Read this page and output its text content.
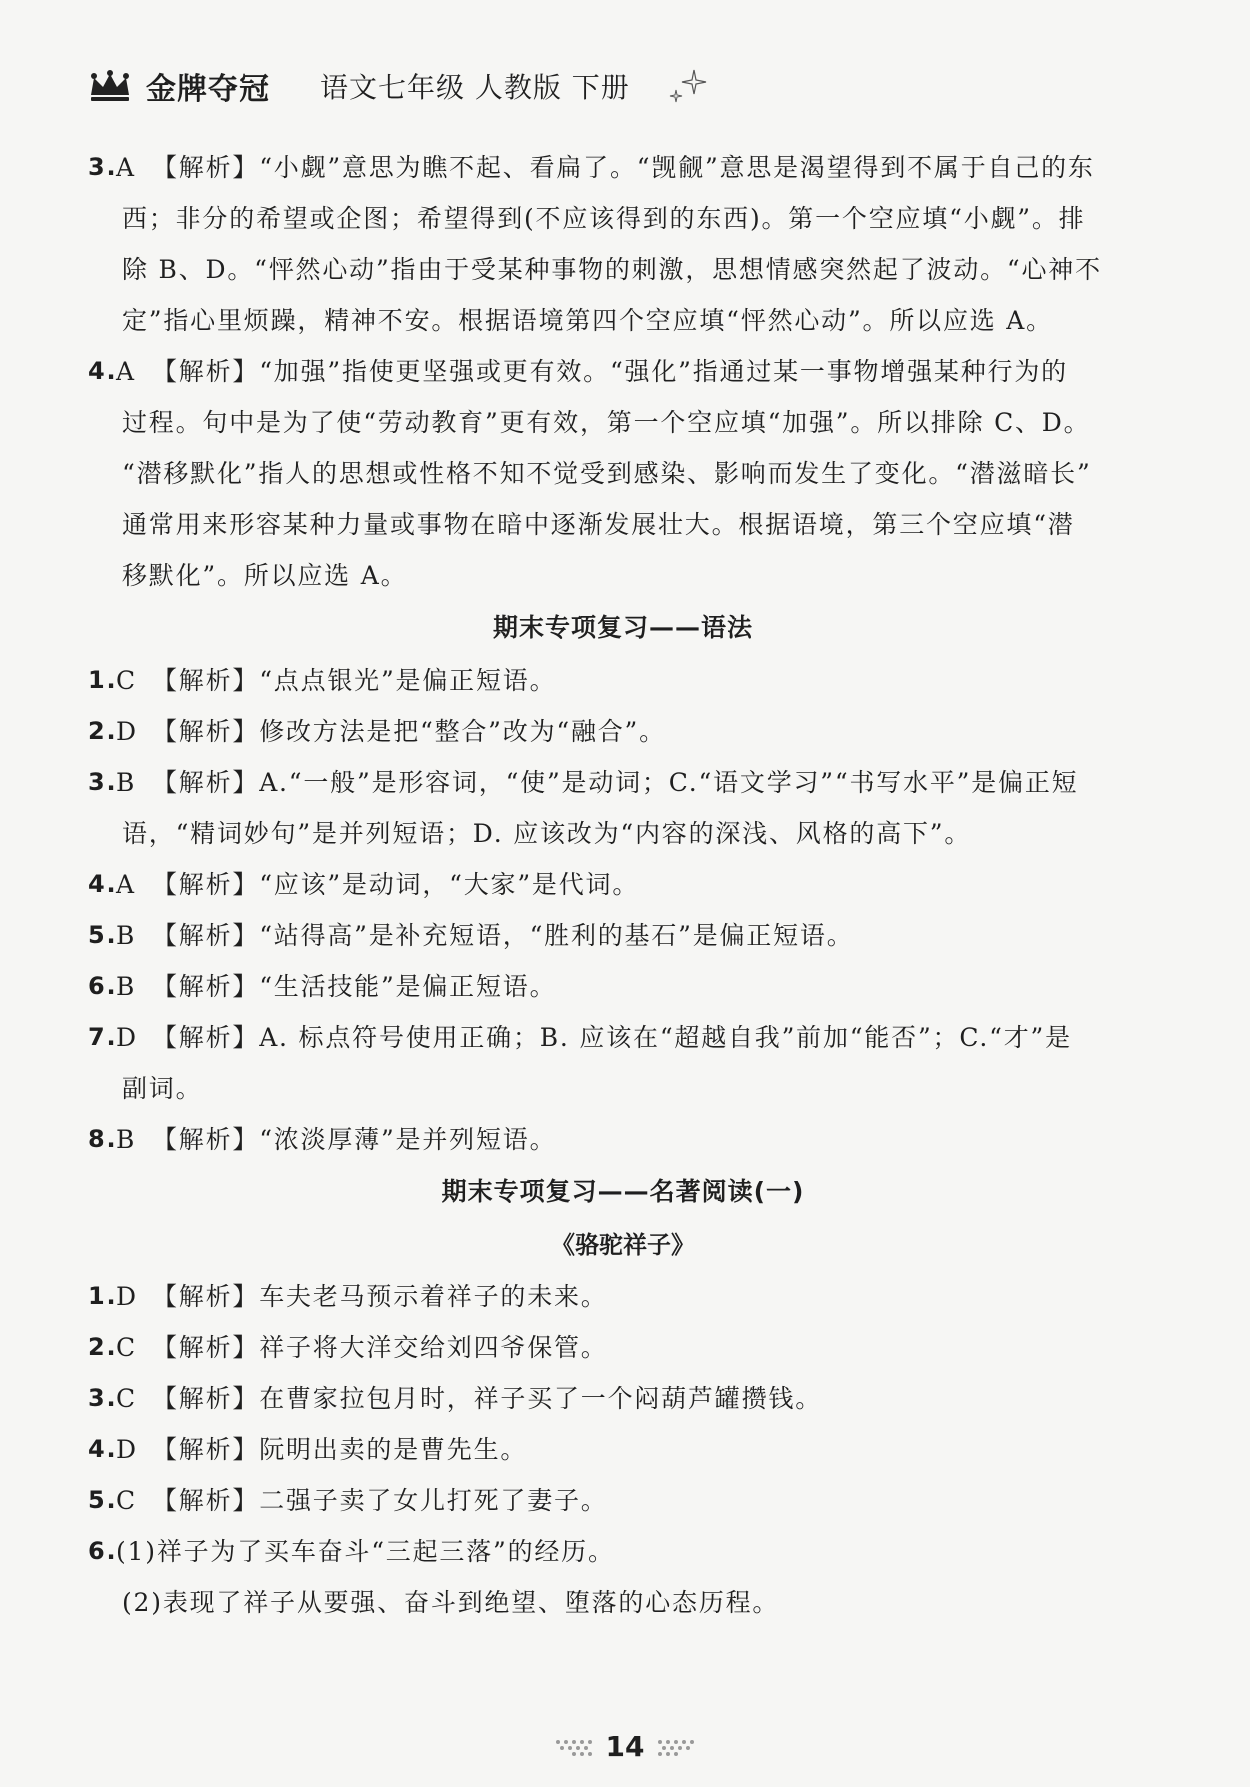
金牌夺冠 语文七年级 人教版 下册
3.
A 【解析】“小觑”意思为瞧不起、看扁了。“觊觎”意思是渴望得到不属于自己的东
西；非分的希望或企图；希望得到(不应该得到的东西)。第一个空应填“小觑”。排
除 B、D。“怦然心动”指由于受某种事物的刺激，思想情感突然起了波动。“心神不
定”指心里烦躁，精神不安。根据语境第四个空应填“怦然心动”。所以应选 A。
4.
A 【解析】“加强”指使更坚强或更有效。“强化”指通过某一事物增强某种行为的
过程。句中是为了使“劳动教育”更有效，第一个空应填“加强”。所以排除 C、D。
“潜移默化”指人的思想或性格不知不觉受到感染、影响而发生了变化。“潜滋暗长”
通常用来形容某种力量或事物在暗中逐渐发展壮大。根据语境，第三个空应填“潜
移默化”。所以应选 A。
期末专项复习——语法
1.
C 【解析】“点点银光”是偏正短语。
2.
D 【解析】修改方法是把“整合”改为“融合”。
3.
B 【解析】A.“一般”是形容词，“使”是动词；C.“语文学习”“书写水平”是偏正短
语，“精词妙句”是并列短语；D. 应该改为“内容的深浅、风格的高下”。
4.
A 【解析】“应该”是动词，“大家”是代词。
5.
B 【解析】“站得高”是补充短语，“胜利的基石”是偏正短语。
6.
B 【解析】“生活技能”是偏正短语。
7.
D 【解析】A. 标点符号使用正确；B. 应该在“超越自我”前加“能否”；C.“才”是
副词。
8.
B 【解析】“浓淡厚薄”是并列短语。
期末专项复习——名著阅读(一)
《骆驼祥子》
1.
D 【解析】车夫老马预示着祥子的未来。
2.
C 【解析】祥子将大洋交给刘四爷保管。
3.
C 【解析】在曹家拉包月时，祥子买了一个闷葫芦罐攒钱。
4.
D 【解析】阮明出卖的是曹先生。
5.
C 【解析】二强子卖了女儿打死了妻子。
6.
(1)祥子为了买车奋斗“三起三落”的经历。
(2)表现了祥子从要强、奋斗到绝望、堕落的心态历程。
14
